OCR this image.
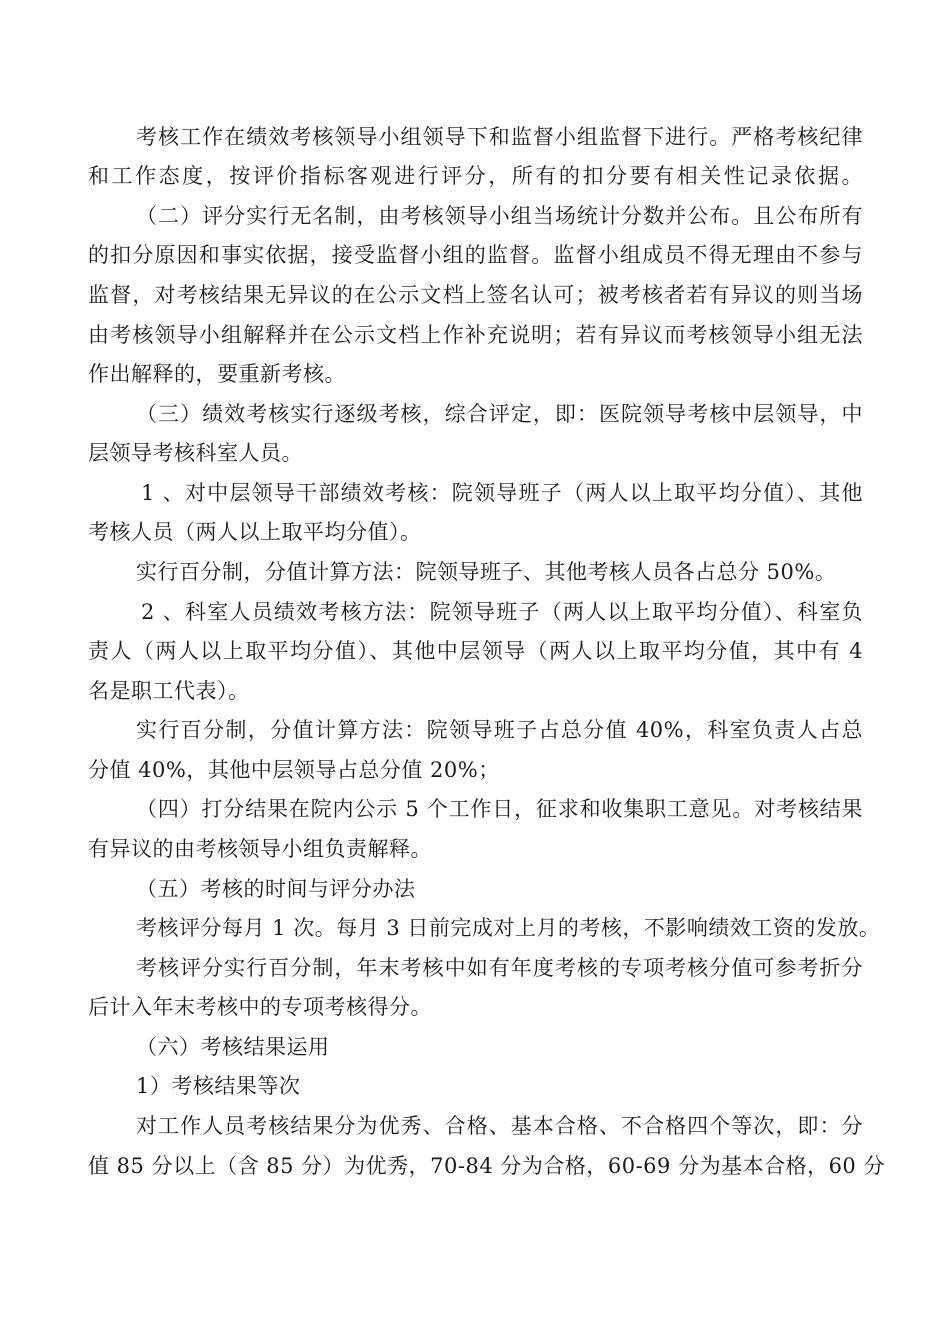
考核工作在绩效考核领导小组领导下和监督小组监督下进行。严格考核纪律
和工作态度，按评价指标客观进行评分，所有的扣分要有相关性记录依据。
（二）评分实行无名制，由考核领导小组当场统计分数并公布。且公布所有
的扣分原因和事实依据，接受监督小组的监督。监督小组成员不得无理由不参与
监督，对考核结果无异议的在公示文档上签名认可；被考核者若有异议的则当场
由考核领导小组解释并在公示文档上作补充说明；若有异议而考核领导小组无法
作出解释的，要重新考核。
（三）绩效考核实行逐级考核，综合评定，即：医院领导考核中层领导，中
层领导考核科室人员。
1 、对中层领导干部绩效考核：院领导班子（两人以上取平均分值）、其他
考核人员（两人以上取平均分值）。
实行百分制，分值计算方法：院领导班子、其他考核人员各占总分 50%。
2 、科室人员绩效考核方法：院领导班子（两人以上取平均分值）、科室负
责人（两人以上取平均分值）、其他中层领导（两人以上取平均分值，其中有 4
名是职工代表）。
实行百分制，分值计算方法：院领导班子占总分值 40%，科室负责人占总
分值 40%，其他中层领导占总分值 20%；
（四）打分结果在院内公示 5 个工作日，征求和收集职工意见。对考核结果
有异议的由考核领导小组负责解释。
（五）考核的时间与评分办法
考核评分每月 1 次。每月 3 日前完成对上月的考核，不影响绩效工资的发放。
考核评分实行百分制，年末考核中如有年度考核的专项考核分值可参考折分
后计入年末考核中的专项考核得分。
（六）考核结果运用
1）考核结果等次
对工作人员考核结果分为优秀、合格、基本合格、不合格四个等次，即：分
值 85 分以上（含 85 分）为优秀，70-84 分为合格，60-69 分为基本合格，60 分
